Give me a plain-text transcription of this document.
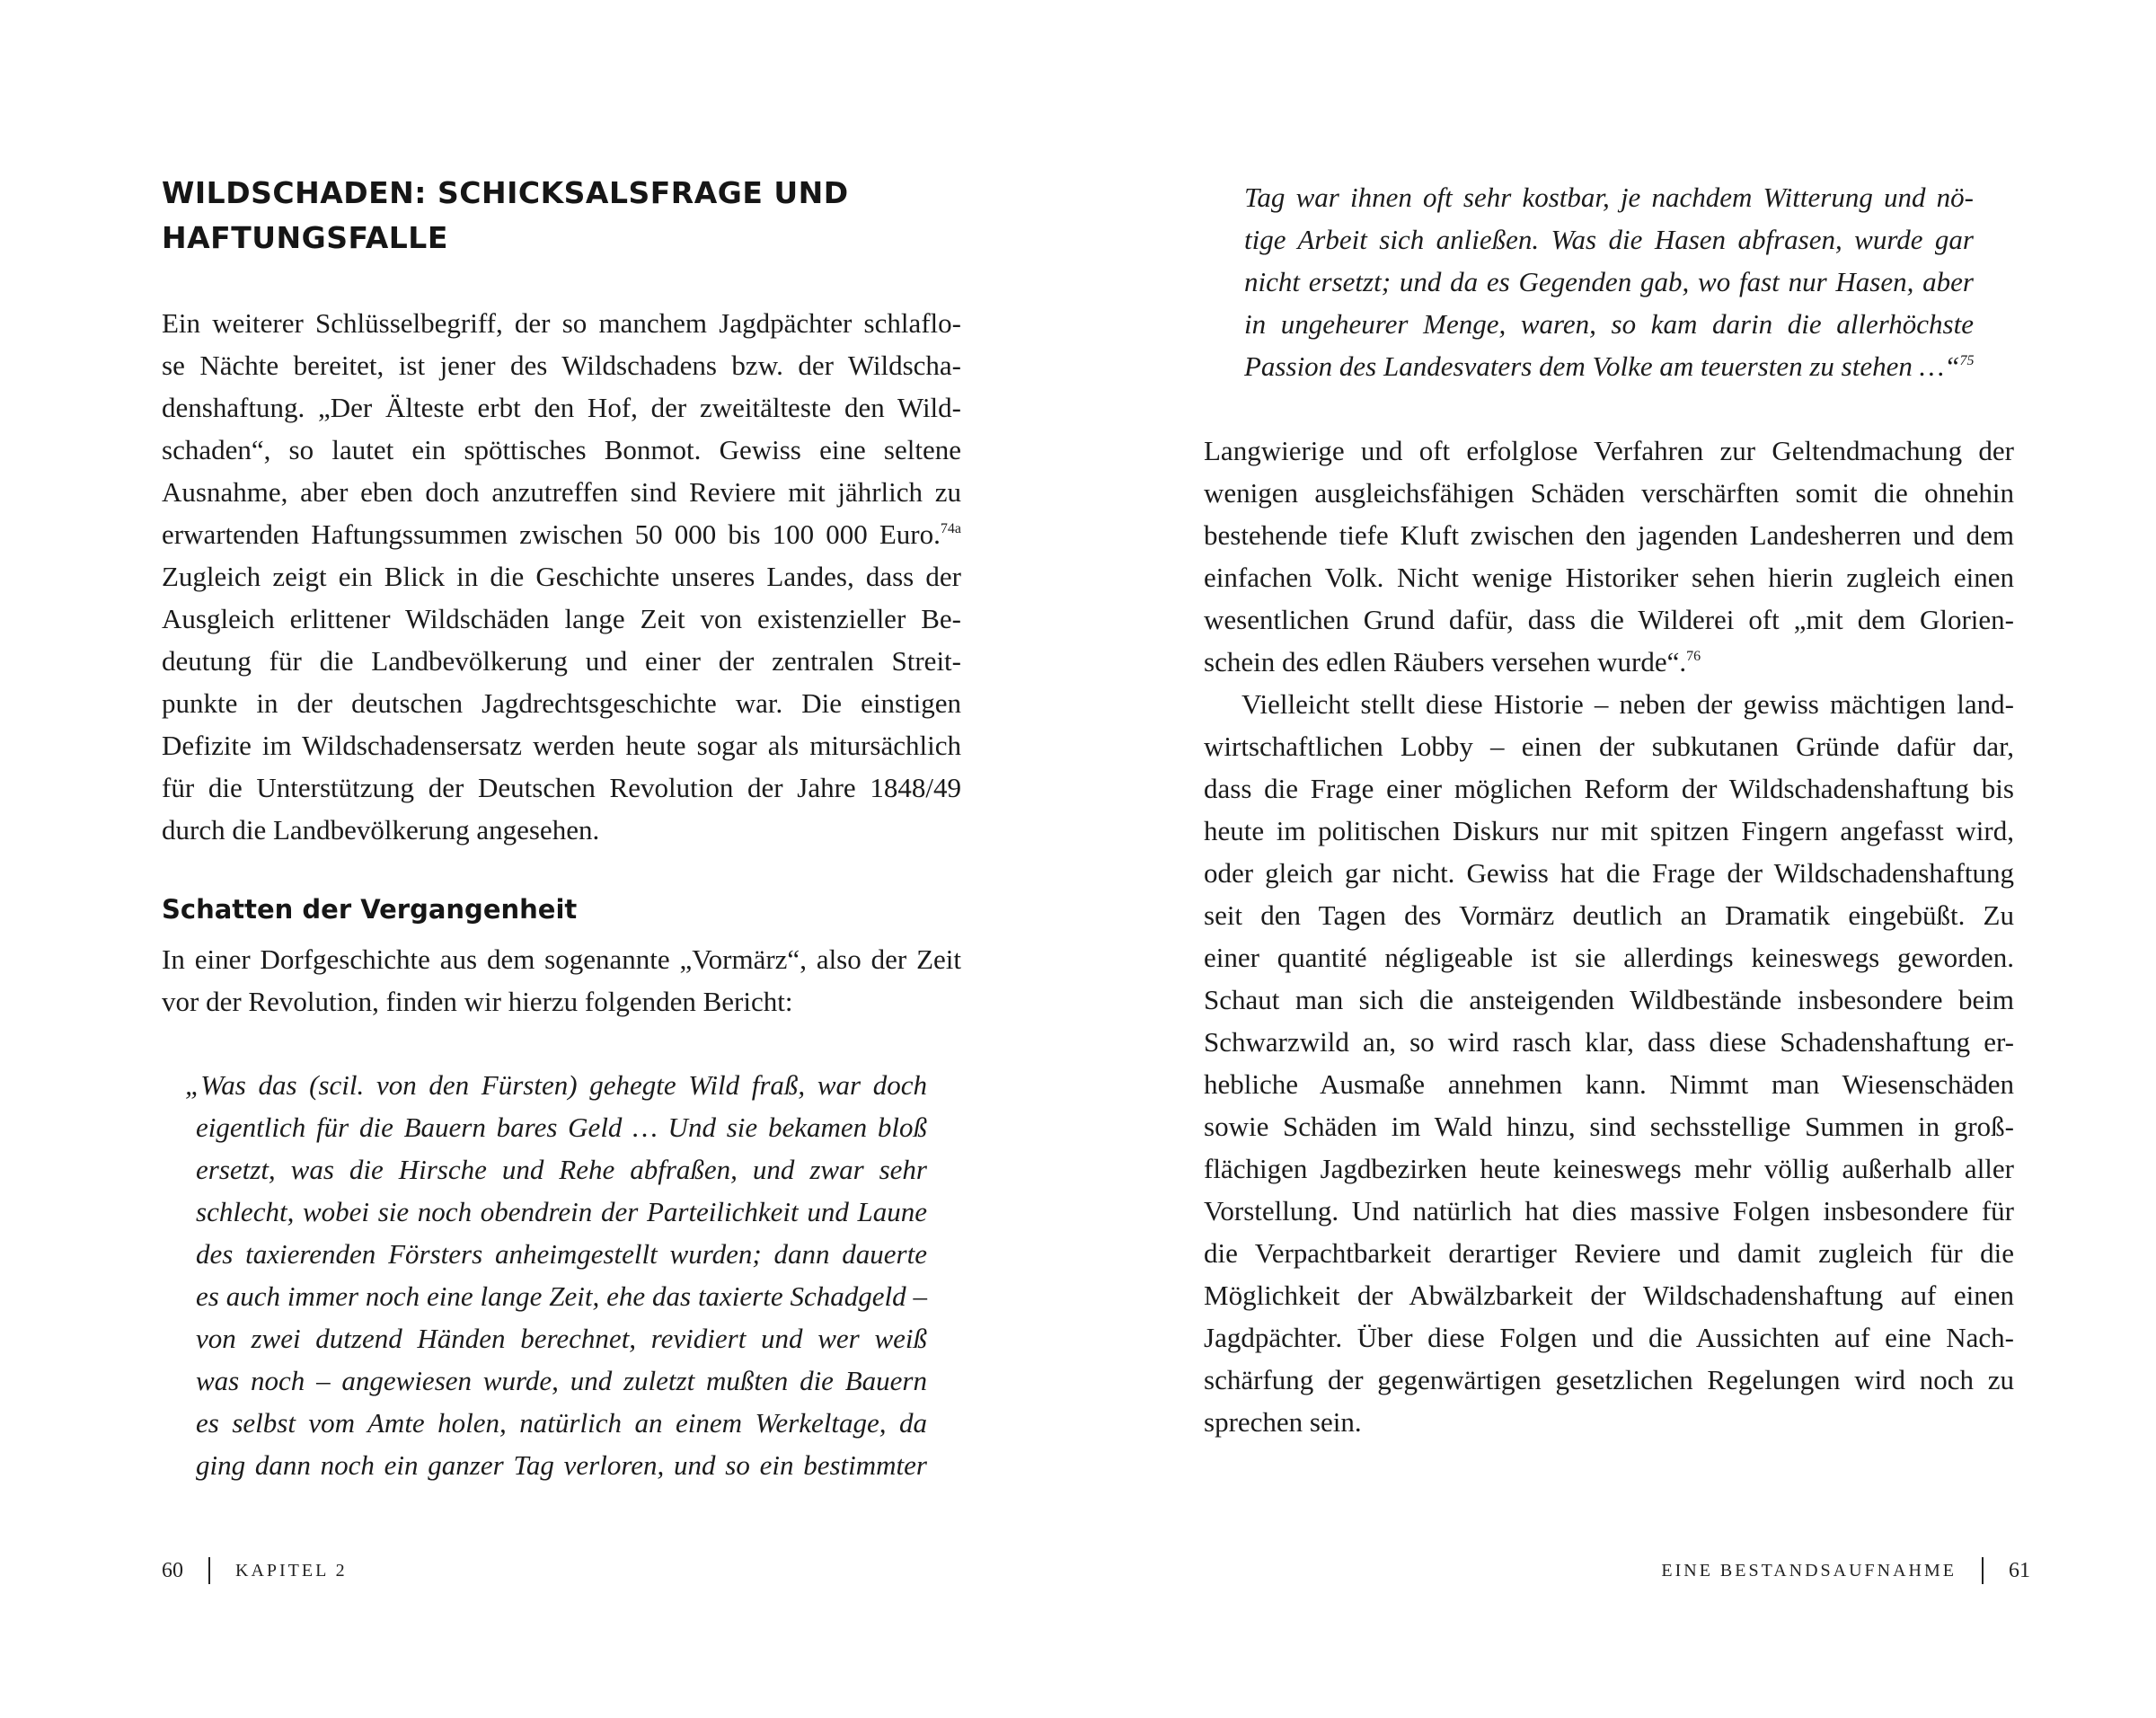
WILDSCHADEN: SCHICKSALSFRAGE UND
HAFTUNGSFALLE
Ein weiterer Schlüsselbegriff, der so manchem Jagdpächter schlaflo-
se Nächte bereitet, ist jener des Wildschadens bzw. der Wildscha-
denshaftung. „Der Älteste erbt den Hof, der zweitälteste den Wild-
schaden“, so lautet ein spöttisches Bonmot. Gewiss eine seltene
Ausnahme, aber eben doch anzutreffen sind Reviere mit jährlich zu
erwartenden Haftungssummen zwischen 50 000 bis 100 000 Euro.$^{74a}$
Zugleich zeigt ein Blick in die Geschichte unseres Landes, dass der
Ausgleich erlittener Wildschäden lange Zeit von existenzieller Be-
deutung für die Landbevölkerung und einer der zentralen Streit-
punkte in der deutschen Jagdrechtsgeschichte war. Die einstigen
Defizite im Wildschadensersatz werden heute sogar als mitursächlich
für die Unterstützung der Deutschen Revolution der Jahre 1848/49
durch die Landbevölkerung angesehen.
Schatten der Vergangenheit
In einer Dorfgeschichte aus dem sogenannte „Vormärz“, also der Zeit
vor der Revolution, finden wir hierzu folgenden Bericht:
„Was das (scil. von den Fürsten) gehegte Wild fraß, war doch
eigentlich für die Bauern bares Geld … Und sie bekamen bloß
ersetzt, was die Hirsche und Rehe abfraßen, und zwar sehr
schlecht, wobei sie noch obendrein der Parteilichkeit und Laune
des taxierenden Försters anheimgestellt wurden; dann dauerte
es auch immer noch eine lange Zeit, ehe das taxierte Schadgeld –
von zwei dutzend Händen berechnet, revidiert und wer weiß
was noch – angewiesen wurde, und zuletzt mußten die Bauern
es selbst vom Amte holen, natürlich an einem Werkeltage, da
ging dann noch ein ganzer Tag verloren, und so ein bestimmter
60	KAPITEL 2
Tag war ihnen oft sehr kostbar, je nachdem Witterung und nö-
tige Arbeit sich anließen. Was die Hasen abfrasen, wurde gar
nicht ersetzt; und da es Gegenden gab, wo fast nur Hasen, aber
in ungeheurer Menge, waren, so kam darin die allerhöchste
Passion des Landesvaters dem Volke am teuersten zu stehen …“$^{75}$
Langwierige und oft erfolglose Verfahren zur Geltendmachung der
wenigen ausgleichsfähigen Schäden verschärften somit die ohnehin
bestehende tiefe Kluft zwischen den jagenden Landesherren und dem
einfachen Volk. Nicht wenige Historiker sehen hierin zugleich einen
wesentlichen Grund dafür, dass die Wilderei oft „mit dem Glorien-
schein des edlen Räubers versehen wurde“.$^{76}$
Vielleicht stellt diese Historie – neben der gewiss mächtigen land-
wirtschaftlichen Lobby – einen der subkutanen Gründe dafür dar,
dass die Frage einer möglichen Reform der Wildschadenshaftung bis
heute im politischen Diskurs nur mit spitzen Fingern angefasst wird,
oder gleich gar nicht. Gewiss hat die Frage der Wildschadenshaftung
seit den Tagen des Vormärz deutlich an Dramatik eingebüßt. Zu
einer quantité négligeable ist sie allerdings keineswegs geworden.
Schaut man sich die ansteigenden Wildbestände insbesondere beim
Schwarzwild an, so wird rasch klar, dass diese Schadenshaftung er-
hebliche Ausmaße annehmen kann. Nimmt man Wiesenschäden
sowie Schäden im Wald hinzu, sind sechsstellige Summen in groß-
flächigen Jagdbezirken heute keineswegs mehr völlig außerhalb aller
Vorstellung. Und natürlich hat dies massive Folgen insbesondere für
die Verpachtbarkeit derartiger Reviere und damit zugleich für die
Möglichkeit der Abwälzbarkeit der Wildschadenshaftung auf einen
Jagdpächter. Über diese Folgen und die Aussichten auf eine Nach-
schärfung der gegenwärtigen gesetzlichen Regelungen wird noch zu
sprechen sein.
EINE BESTANDSAUFNAHME 61
